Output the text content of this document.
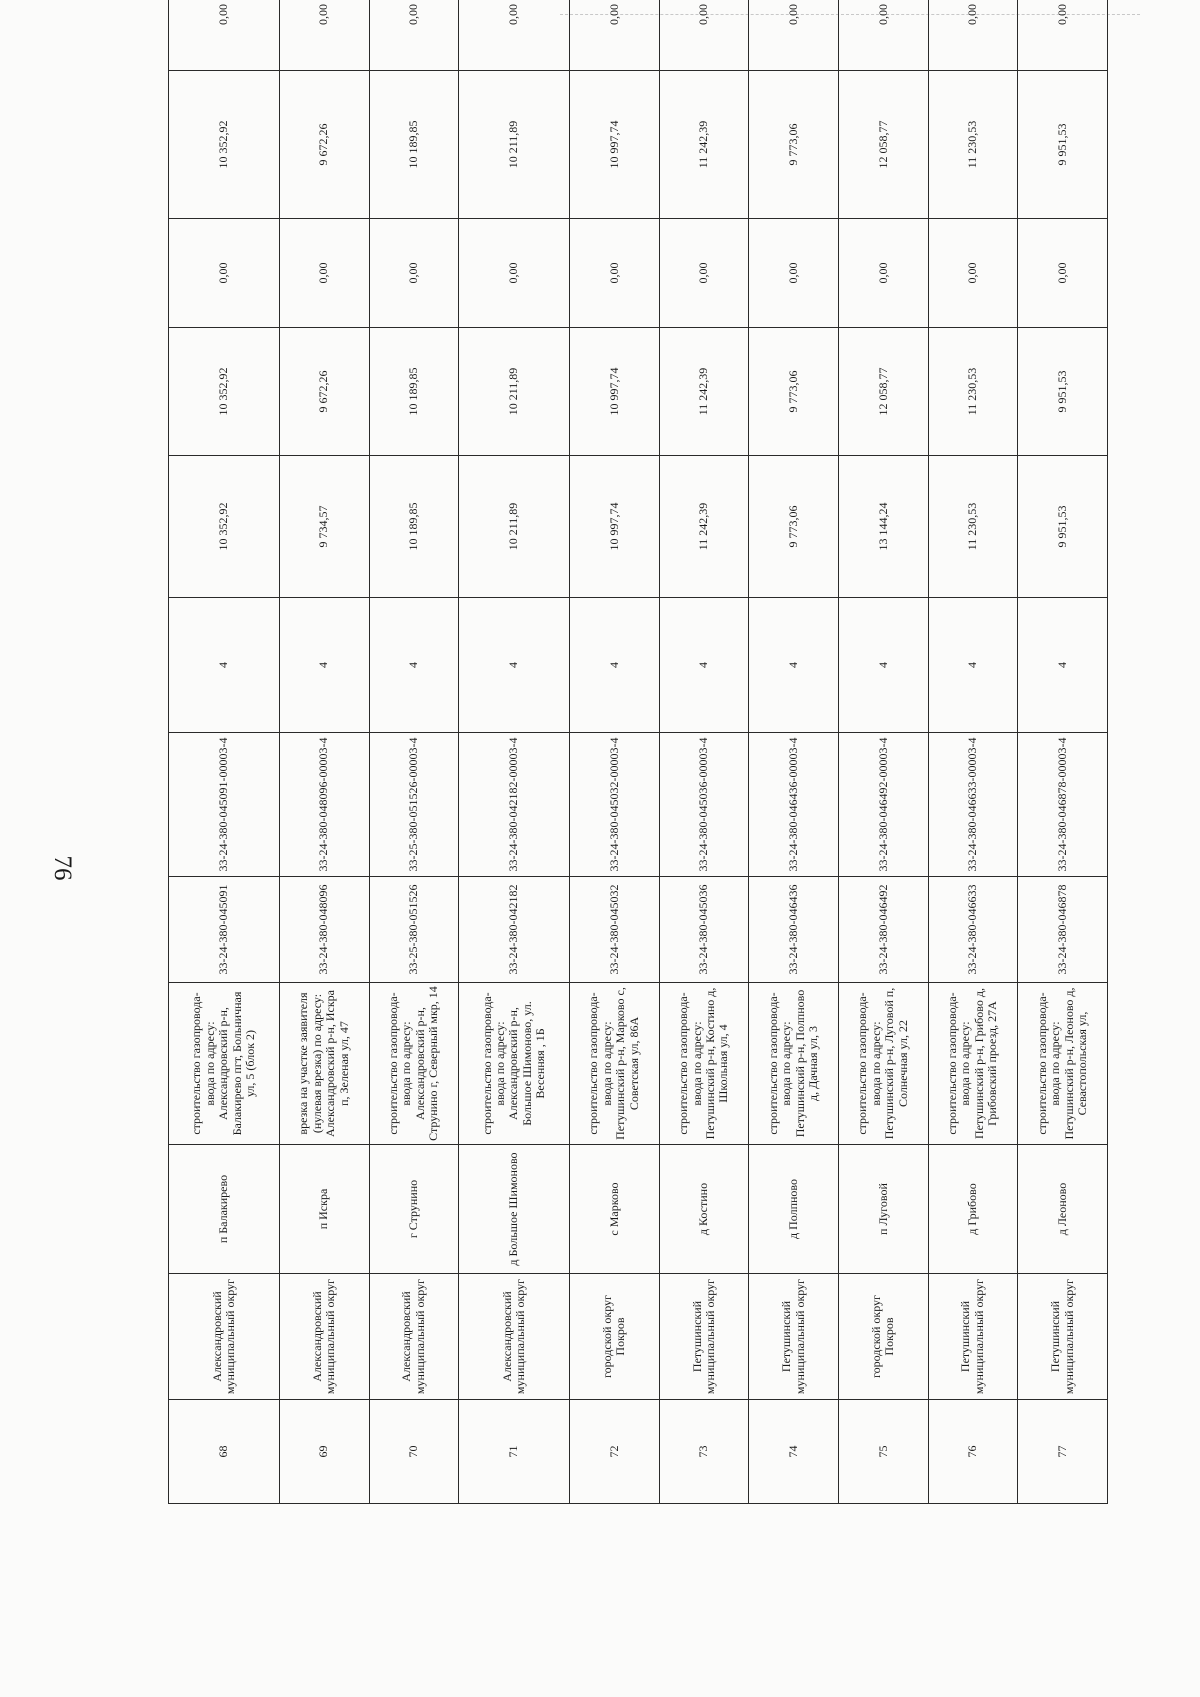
76
68	Александровский муниципальный округ	п Балакирево	строительство газопровода-ввода по адресу: Александровский р-н, Балакирево пгт, Больничная ул, 5 (блок 2)	33-24-380-045091	33-24-380-045091-00003-4	4	10 352,92	10 352,92	0,00	10 352,92	0,00	
69	Александровский муниципальный округ	п Искра	врезка на участке заявителя (нулевая врезка) по адресу: Александровский р-н, Искра п, Зеленая ул, 47	33-24-380-048096	33-24-380-048096-00003-4	4	9 734,57	9 672,26	0,00	9 672,26	0,00	
70	Александровский муниципальный округ	г Струнино	строительство газопровода-ввода по адресу: Александровский р-н, Струнино г, Северный мкр, 14	33-25-380-051526	33-25-380-051526-00003-4	4	10 189,85	10 189,85	0,00	10 189,85	0,00	
71	Александровский муниципальный округ	д Большое Шимоново	строительство газопровода-ввода по адресу: Александровский р-н, Большое Шимоново, ул. Весенняя , 1Б	33-24-380-042182	33-24-380-042182-00003-4	4	10 211,89	10 211,89	0,00	10 211,89	0,00	
72	городской округ Покров	с Марково	строительство газопровода-ввода по адресу: Петушинский р-н, Марково с, Советская ул, 86А	33-24-380-045032	33-24-380-045032-00003-4	4	10 997,74	10 997,74	0,00	10 997,74	0,00	
73	Петушинский муниципальный округ	д Костино	строительство газопровода-ввода по адресу: Петушинский р-н, Костино д, Школьная ул, 4	33-24-380-045036	33-24-380-045036-00003-4	4	11 242,39	11 242,39	0,00	11 242,39	0,00	
74	Петушинский муниципальный округ	д Полпново	строительство газопровода-ввода по адресу: Петушинский р-н, Полпново д, Дачная ул, 3	33-24-380-046436	33-24-380-046436-00003-4	4	9 773,06	9 773,06	0,00	9 773,06	0,00	
75	городской округ Покров	п Луговой	строительство газопровода-ввода по адресу: Петушинский р-н, Луговой п, Солнечная ул, 22	33-24-380-046492	33-24-380-046492-00003-4	4	13 144,24	12 058,77	0,00	12 058,77	0,00	
76	Петушинский муниципальный округ	д Грибово	строительство газопровода-ввода по адресу: Петушинский р-н, Грибово д, Грибовский проезд, 27А	33-24-380-046633	33-24-380-046633-00003-4	4	11 230,53	11 230,53	0,00	11 230,53	0,00	
77	Петушинский муниципальный округ	д Леоново	строительство газопровода-ввода по адресу: Петушинский р-н, Леоново д, Севастопольская ул,	33-24-380-046878	33-24-380-046878-00003-4	4	9 951,53	9 951,53	0,00	9 951,53	0,00	
